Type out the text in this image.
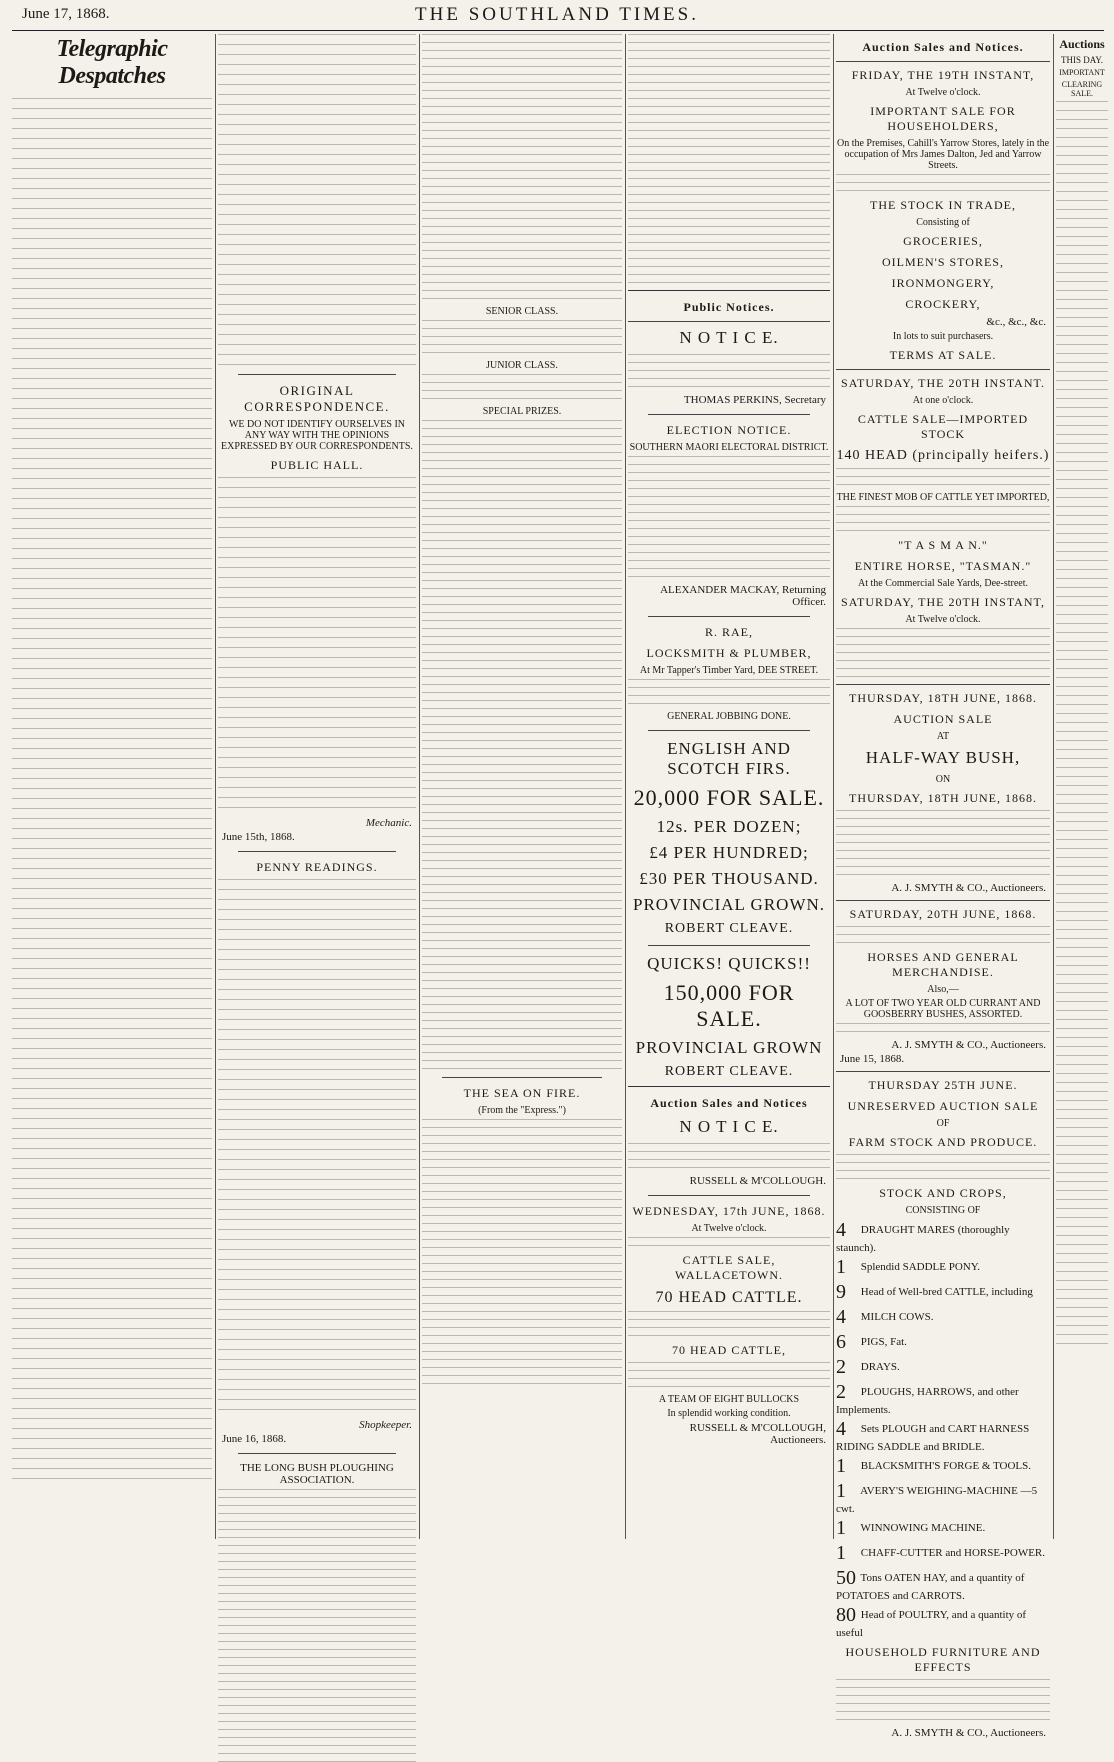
June 17, 1868.	THE SOUTHLAND TIMES.
Telegraphic Despatches
ORIGINAL CORRESPONDENCE.
WE DO NOT IDENTIFY OURSELVES IN ANY WAY WITH THE OPINIONS EXPRESSED BY OUR CORRESPONDENTS.
PUBLIC HALL.
Mechanic.
June 15th, 1868.
PENNY READINGS.
Shopkeeper.
June 16, 1868.
THE LONG BUSH PLOUGHING ASSOCIATION.
SENIOR CLASS.
JUNIOR CLASS.
SPECIAL PRIZES.
THE SEA ON FIRE.
(From the "Express.")
Public Notices.
N O T I C E.
THOMAS PERKINS, Secretary
ELECTION NOTICE.
SOUTHERN MAORI ELECTORAL DISTRICT.
ALEXANDER MACKAY, Returning Officer.
R. RAE,
LOCKSMITH & PLUMBER,
At Mr Tapper's Timber Yard, DEE STREET.
GENERAL JOBBING DONE.
ENGLISH AND SCOTCH FIRS.
20,000 FOR SALE.
12s. PER DOZEN;
£4 PER HUNDRED;
£30 PER THOUSAND.
PROVINCIAL GROWN.
ROBERT CLEAVE.
QUICKS! QUICKS!!
150,000 FOR SALE.
PROVINCIAL GROWN
ROBERT CLEAVE.
Auction Sales and Notices
N O T I C E.
RUSSELL & M'COLLOUGH.
WEDNESDAY, 17th JUNE, 1868.
At Twelve o'clock.
CATTLE SALE, WALLACETOWN.
70 HEAD CATTLE.
70 HEAD CATTLE,
A TEAM OF EIGHT BULLOCKS
In splendid working condition.
RUSSELL & M'COLLOUGH, Auctioneers.
Auction Sales and Notices.
FRIDAY, THE 19TH INSTANT,
At Twelve o'clock.
IMPORTANT SALE FOR HOUSEHOLDERS,
On the Premises, Cahill's Yarrow Stores, lately in the occupation of Mrs James Dalton, Jed and Yarrow Streets.
THE STOCK IN TRADE,
Consisting of
GROCERIES,
OILMEN'S STORES,
IRONMONGERY,
CROCKERY,
&c., &c., &c.
In lots to suit purchasers.
TERMS AT SALE.
SATURDAY, THE 20TH INSTANT.
At one o'clock.
CATTLE SALE—IMPORTED STOCK
140 HEAD (principally heifers.)
THE FINEST MOB OF CATTLE YET IMPORTED,
"T A S M A N."
ENTIRE HORSE, "TASMAN."
At the Commercial Sale Yards, Dee-street.
SATURDAY, THE 20TH INSTANT,
At Twelve o'clock.
THURSDAY, 18TH JUNE, 1868.
AUCTION SALE
AT
HALF-WAY BUSH,
ON
THURSDAY, 18TH JUNE, 1868.
A. J. SMYTH & CO., Auctioneers.
SATURDAY, 20TH JUNE, 1868.
HORSES AND GENERAL MERCHANDISE.
Also,—
A LOT OF TWO YEAR OLD CURRANT AND GOOSBERRY BUSHES, ASSORTED.
A. J. SMYTH & CO., Auctioneers.
June 15, 1868.
THURSDAY 25TH JUNE.
UNRESERVED AUCTION SALE
OF
FARM STOCK AND PRODUCE.
STOCK AND CROPS,
CONSISTING OF
4 DRAUGHT MARES (thoroughly staunch).
1 Splendid SADDLE PONY.
9 Head of Well-bred CATTLE, including
4 MILCH COWS.
6 PIGS, Fat.
2 DRAYS.
2 PLOUGHS, HARROWS, and other Implements.
4 Sets PLOUGH and CART HARNESS RIDING SADDLE and BRIDLE.
1 BLACKSMITH'S FORGE & TOOLS.
1 AVERY'S WEIGHING-MACHINE —5 cwt.
1 WINNOWING MACHINE.
1 CHAFF-CUTTER and HORSE-POWER.
50 Tons OATEN HAY, and a quantity of POTATOES and CARROTS.
80 Head of POULTRY, and a quantity of useful
HOUSEHOLD FURNITURE AND EFFECTS
A. J. SMYTH & CO., Auctioneers.
Auctions
THIS DAY.
IMPORTANT
CLEARING SALE.
